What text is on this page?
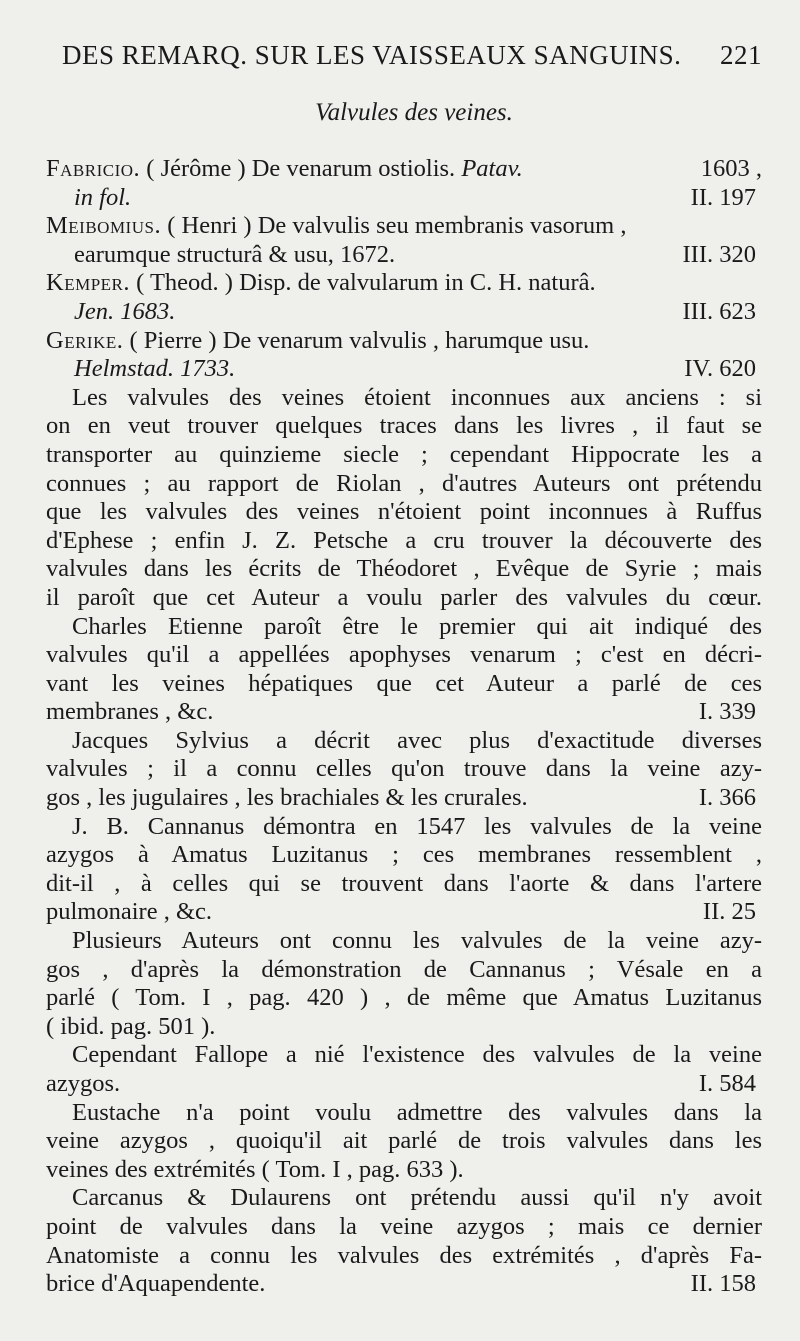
DES REMARQ. SUR LES VAISSEAUX SANGUINS. 221
Valvules des veines.
Fabricio. ( Jérôme ) De venarum ostiolis. Patav.	1603 ,
in fol.	II. 197
Meibomius. ( Henri ) De valvulis seu membranis vasorum ,
earumque structurâ & usu, 1672.	III. 320
Kemper. ( Theod. ) Disp. de valvularum in C. H. naturâ.
Jen. 1683.	III. 623
Gerike. ( Pierre ) De venarum valvulis , harumque usu.
Helmstad. 1733.	IV. 620
Les valvules des veines étoient inconnues aux anciens : si
on en veut trouver quelques traces dans les livres , il faut se
transporter au quinzieme siecle ; cependant Hippocrate les a
connues ; au rapport de Riolan , d'autres Auteurs ont prétendu
que les valvules des veines n'étoient point inconnues à Ruffus
d'Ephese ; enfin J. Z. Petsche a cru trouver la découverte des
valvules dans les écrits de Théodoret , Evêque de Syrie ; mais
il paroît que cet Auteur a voulu parler des valvules du cœur.
Charles Etienne paroît être le premier qui ait indiqué des
valvules qu'il a appellées apophyses venarum ; c'est en décri-
vant les veines hépatiques que cet Auteur a parlé de ces
membranes , &c.	I. 339
Jacques Sylvius a décrit avec plus d'exactitude diverses
valvules ; il a connu celles qu'on trouve dans la veine azy-
gos , les jugulaires , les brachiales & les crurales.	I. 366
J. B. Cannanus démontra en 1547 les valvules de la veine
azygos à Amatus Luzitanus ; ces membranes ressemblent ,
dit-il , à celles qui se trouvent dans l'aorte & dans l'artere
pulmonaire , &c.	II. 25
Plusieurs Auteurs ont connu les valvules de la veine azy-
gos , d'après la démonstration de Cannanus ; Vésale en a
parlé ( Tom. I , pag. 420 ) , de même que Amatus Luzitanus
( ibid. pag. 501 ).
Cependant Fallope a nié l'existence des valvules de la veine
azygos.	I. 584
Eustache n'a point voulu admettre des valvules dans la
veine azygos , quoiqu'il ait parlé de trois valvules dans les
veines des extrémités ( Tom. I , pag. 633 ).
Carcanus & Dulaurens ont prétendu aussi qu'il n'y avoit
point de valvules dans la veine azygos ; mais ce dernier
Anatomiste a connu les valvules des extrémités , d'après Fa-
brice d'Aquapendente.	II. 158
